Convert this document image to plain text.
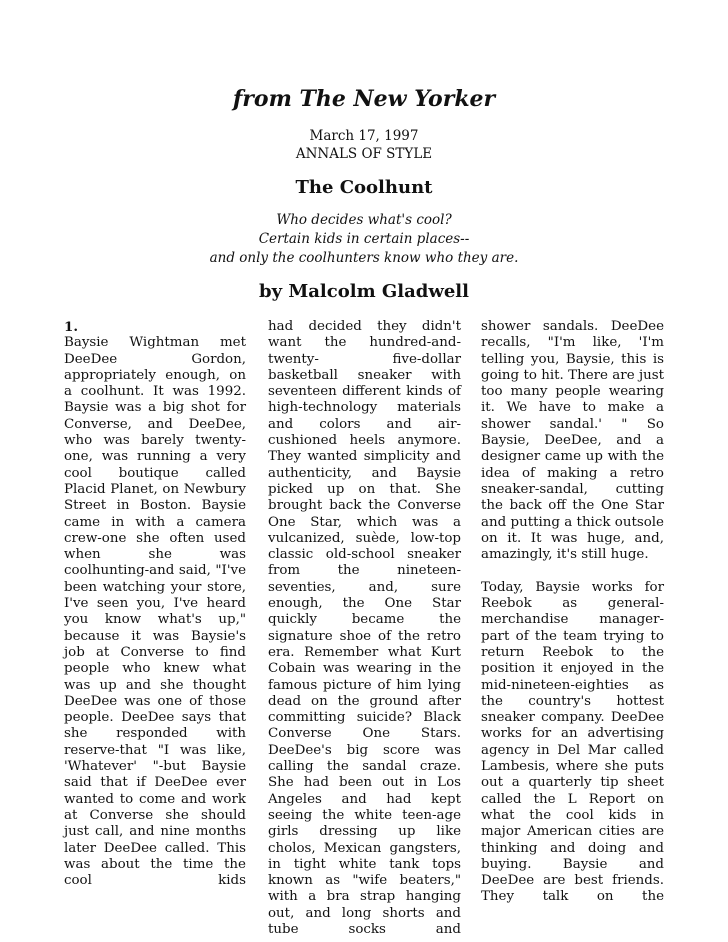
from The New Yorker
March 17, 1997
ANNALS OF STYLE
The Coolhunt
Who decides what's cool?
Certain kids in certain places--
and only the coolhunters know who they are.
by Malcolm Gladwell

1.

Baysie Wightman met DeeDee Gordon, appropriately enough, on a coolhunt. It was 1992. Baysie was a big shot for Converse, and DeeDee, who was barely twenty-one, was running a very cool boutique called Placid Planet, on Newbury Street in Boston. Baysie came in with a camera crew-one she often used when she was coolhunting-and said, "I've been watching your store, I've seen you, I've heard you know what's up," because it was Baysie's job at Converse to find people who knew what was up and she thought DeeDee was one of those people. DeeDee says that she responded with reserve-that "I was like, 'Whatever' "-but Baysie said that if DeeDee ever wanted to come and work at Converse she should just call, and nine months later DeeDee called. This was about the time the cool kids

had decided they didn't want the hundred-and-twenty- five-dollar basketball sneaker with seventeen different kinds of high-technology materials and colors and air-cushioned heels anymore. They wanted simplicity and authenticity, and Baysie picked up on that. She brought back the Converse One Star, which was a vulcanized, suède, low-top classic old-school sneaker from the nineteen-seventies, and, sure enough, the One Star quickly became the signature shoe of the retro era. Remember what Kurt Cobain was wearing in the famous picture of him lying dead on the ground after committing suicide? Black Converse One Stars. DeeDee's big score was calling the sandal craze. She had been out in Los Angeles and had kept seeing the white teen-age girls dressing up like cholos, Mexican gangsters, in tight white tank tops known as "wife beaters," with a bra strap hanging out, and long shorts and tube socks and

shower sandals. DeeDee recalls, "I'm like, 'I'm telling you, Baysie, this is going to hit. There are just too many people wearing it. We have to make a shower sandal.' " So Baysie, DeeDee, and a designer came up with the idea of making a retro sneaker-sandal, cutting the back off the One Star and putting a thick outsole on it. It was huge, and, amazingly, it's still huge.

Today, Baysie works for Reebok as general-merchandise manager-part of the team trying to return Reebok to the position it enjoyed in the mid-nineteen-eighties as the country's hottest sneaker company. DeeDee works for an advertising agency in Del Mar called Lambesis, where she puts out a quarterly tip sheet called the L Report on what the cool kids in major American cities are thinking and doing and buying. Baysie and DeeDee are best friends. They talk on the
